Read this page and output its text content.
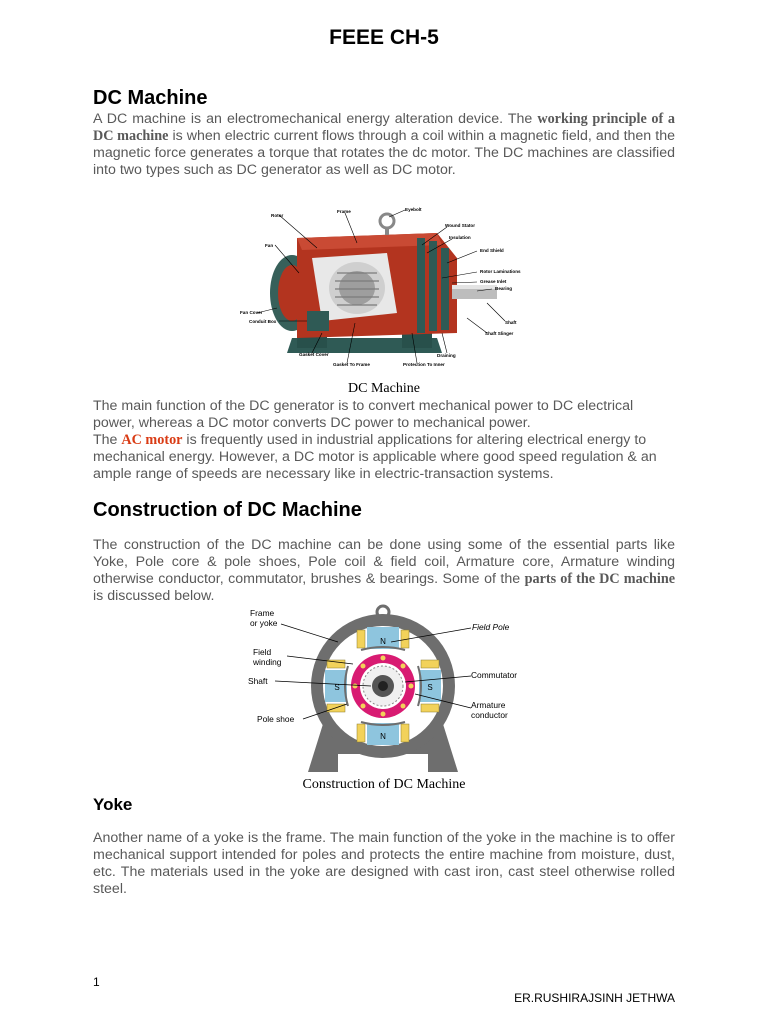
FEEE CH-5
DC Machine

A DC machine is an electromechanical energy alteration device. The working principle of a DC machine is when electric current flows through a coil within a magnetic field, and then the magnetic force generates a torque that rotates the dc motor. The DC machines are classified into two types such as DC generator as well as DC motor.

Eyebolt
Frame
Rotor
Wound Stator
Insulation
Fan
End Shield
Rotor Laminations
Grease Inlet
Bearing
Fan Cover
Conduit Box	Shaft
Shaft Slinger
Gasket Cover
Gasket To Frame	Protection To Inner
Draining
DC Machine

The main function of the DC generator is to convert mechanical power to DC electrical power, whereas a DC motor converts DC power to mechanical power.

The AC motor is frequently used in industrial applications for altering electrical energy to mechanical energy. However, a DC motor is applicable where good speed regulation & an ample range of speeds are necessary like in electric-transaction systems.

Construction of DC Machine

The construction of the DC machine can be done using some of the essential parts like Yoke, Pole core & pole shoes, Pole coil & field coil, Armature core, Armature winding otherwise conductor, commutator, brushes & bearings. Some of the parts of the DC machine is discussed below.

Frame
or yoke	Field Pole
Field
winding
Shaft
Commutator
Pole shoe
Armature
conductor
N
N
S	S
Construction of DC Machine
Yoke

Another name of a yoke is the frame. The main function of the yoke in the machine is to offer mechanical support intended for poles and protects the entire machine from moisture, dust, etc. The materials used in the yoke are designed with cast iron, cast steel otherwise rolled steel.

1
ER.RUSHIRAJSINH JETHWA
